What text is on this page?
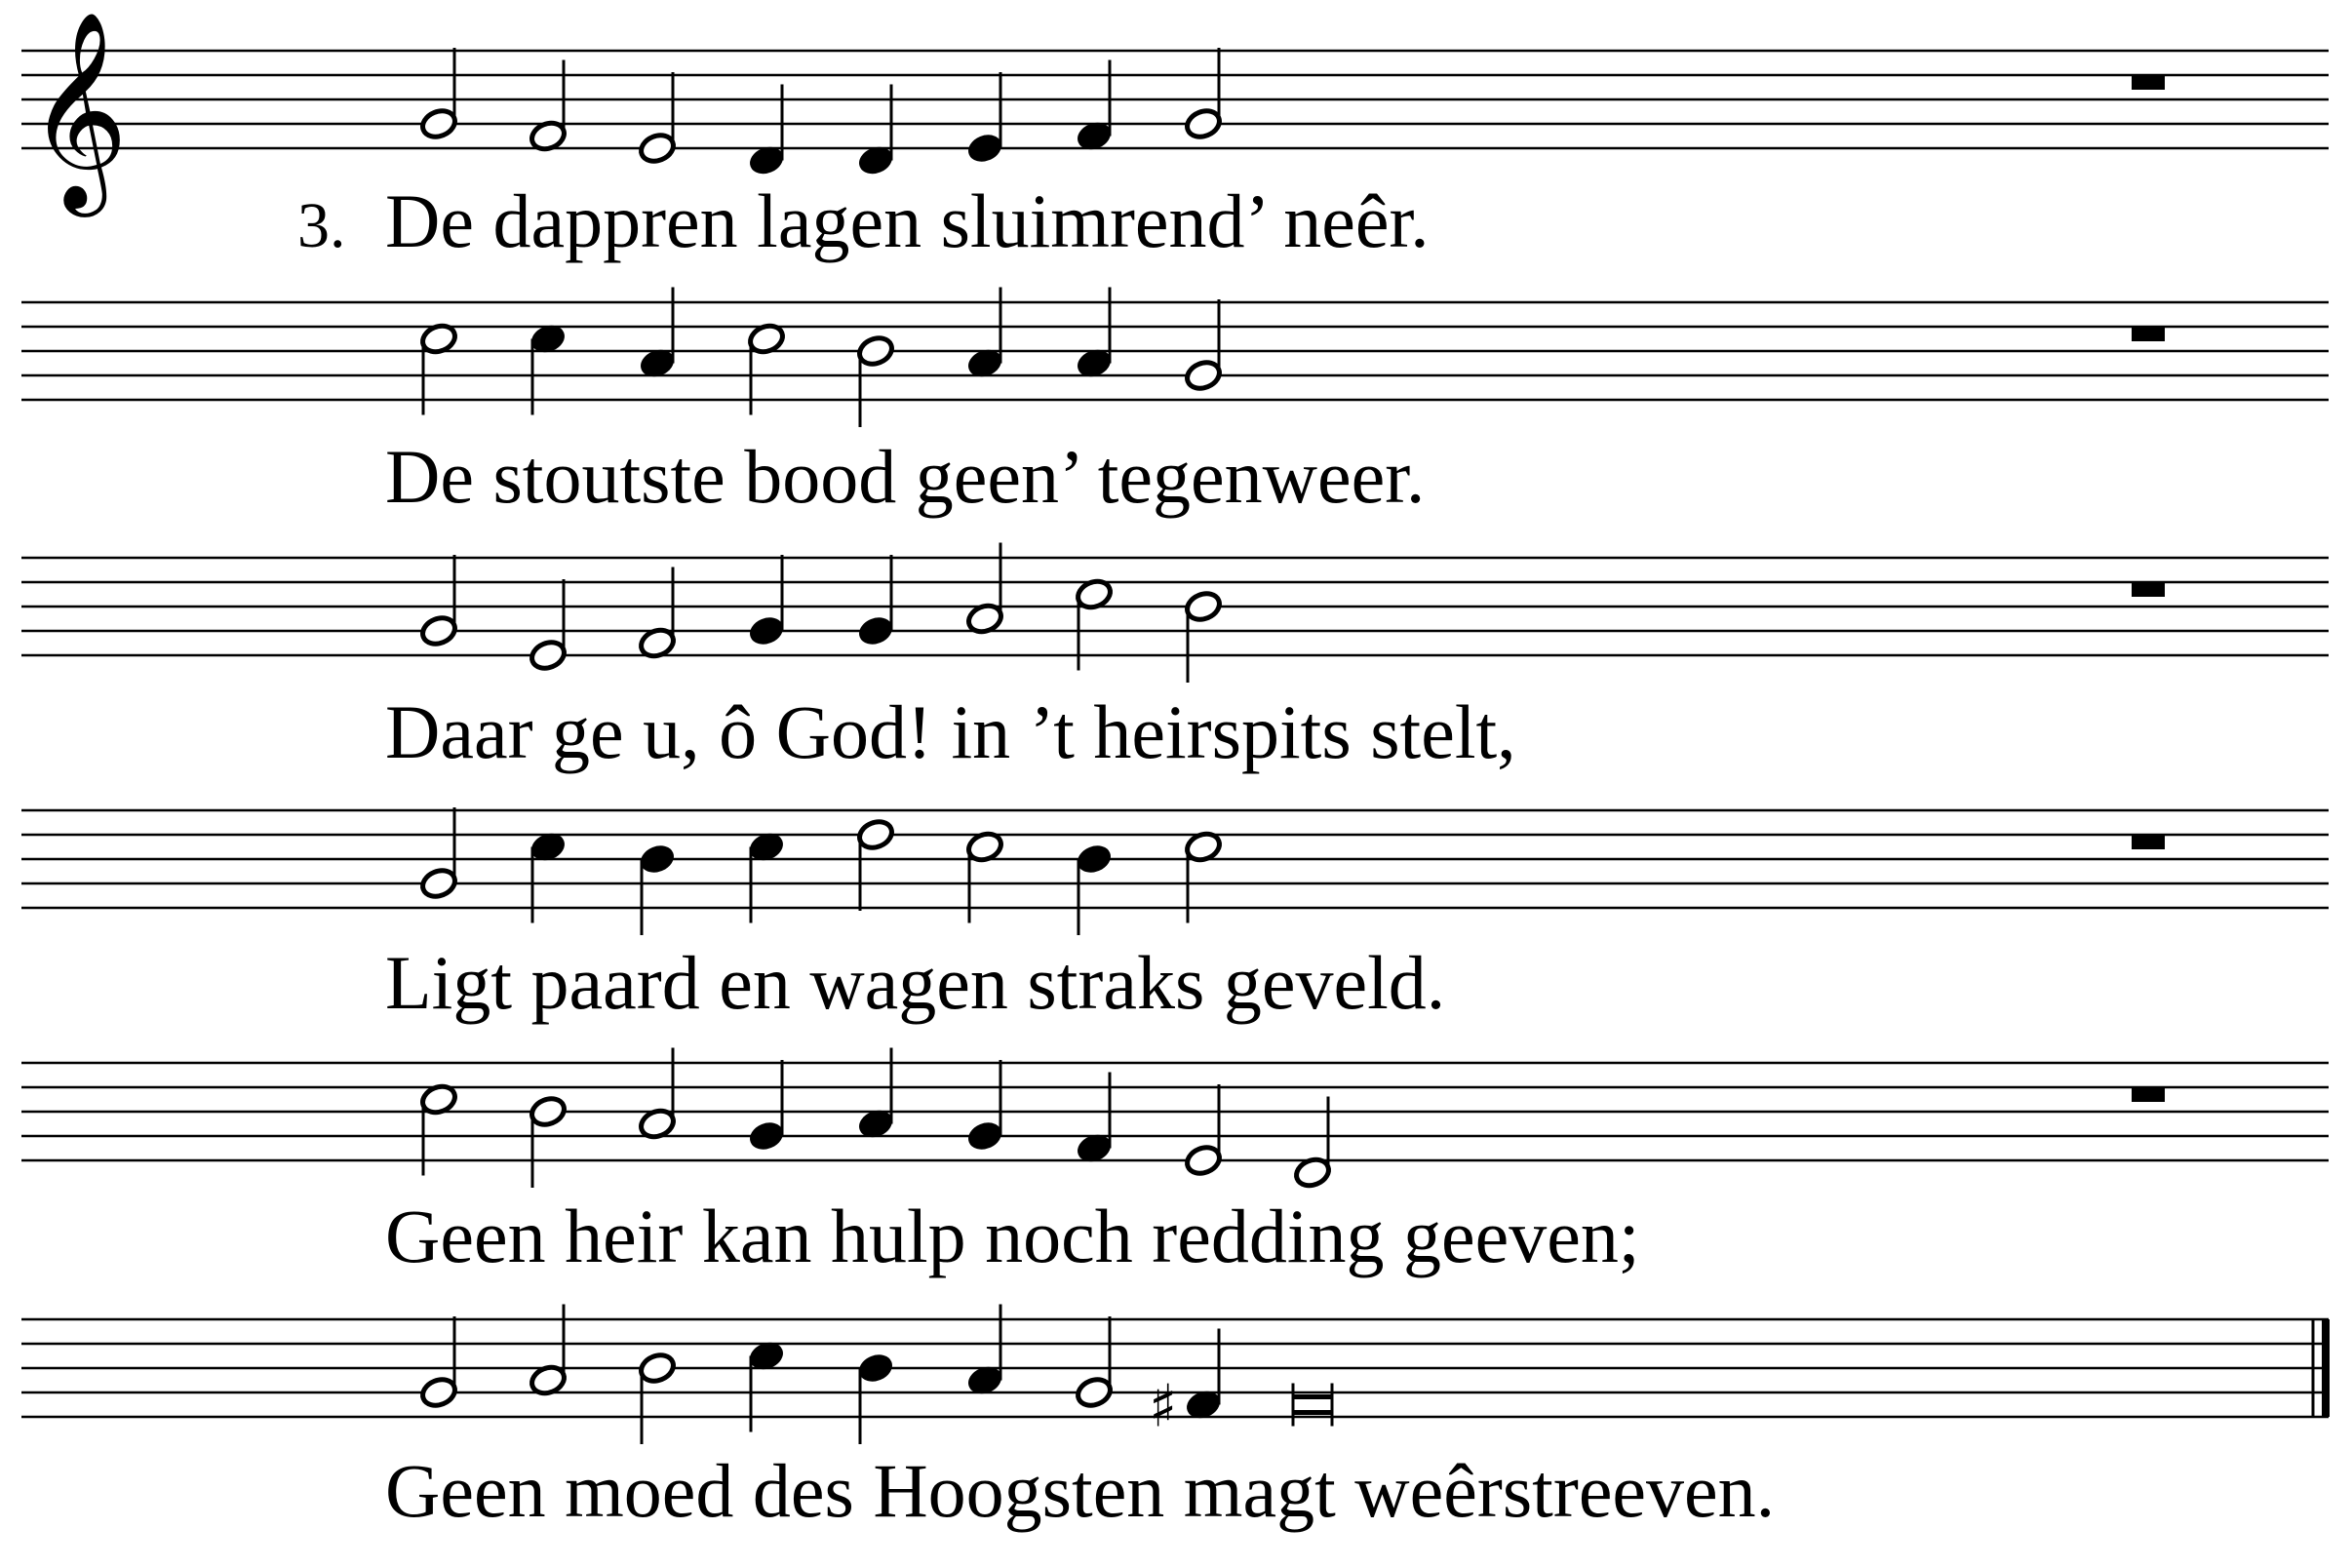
𝄞
♯
3. De dappren lagen sluimrend’ neêr.
De stoutste bood geen’ tegenweer.
Daar ge u, ô God! in ’t heirspits stelt,
Ligt paard en wagen straks geveld.
Geen heir kan hulp noch redding geeven;
Geen moed des Hoogsten magt weêrstreeven.
